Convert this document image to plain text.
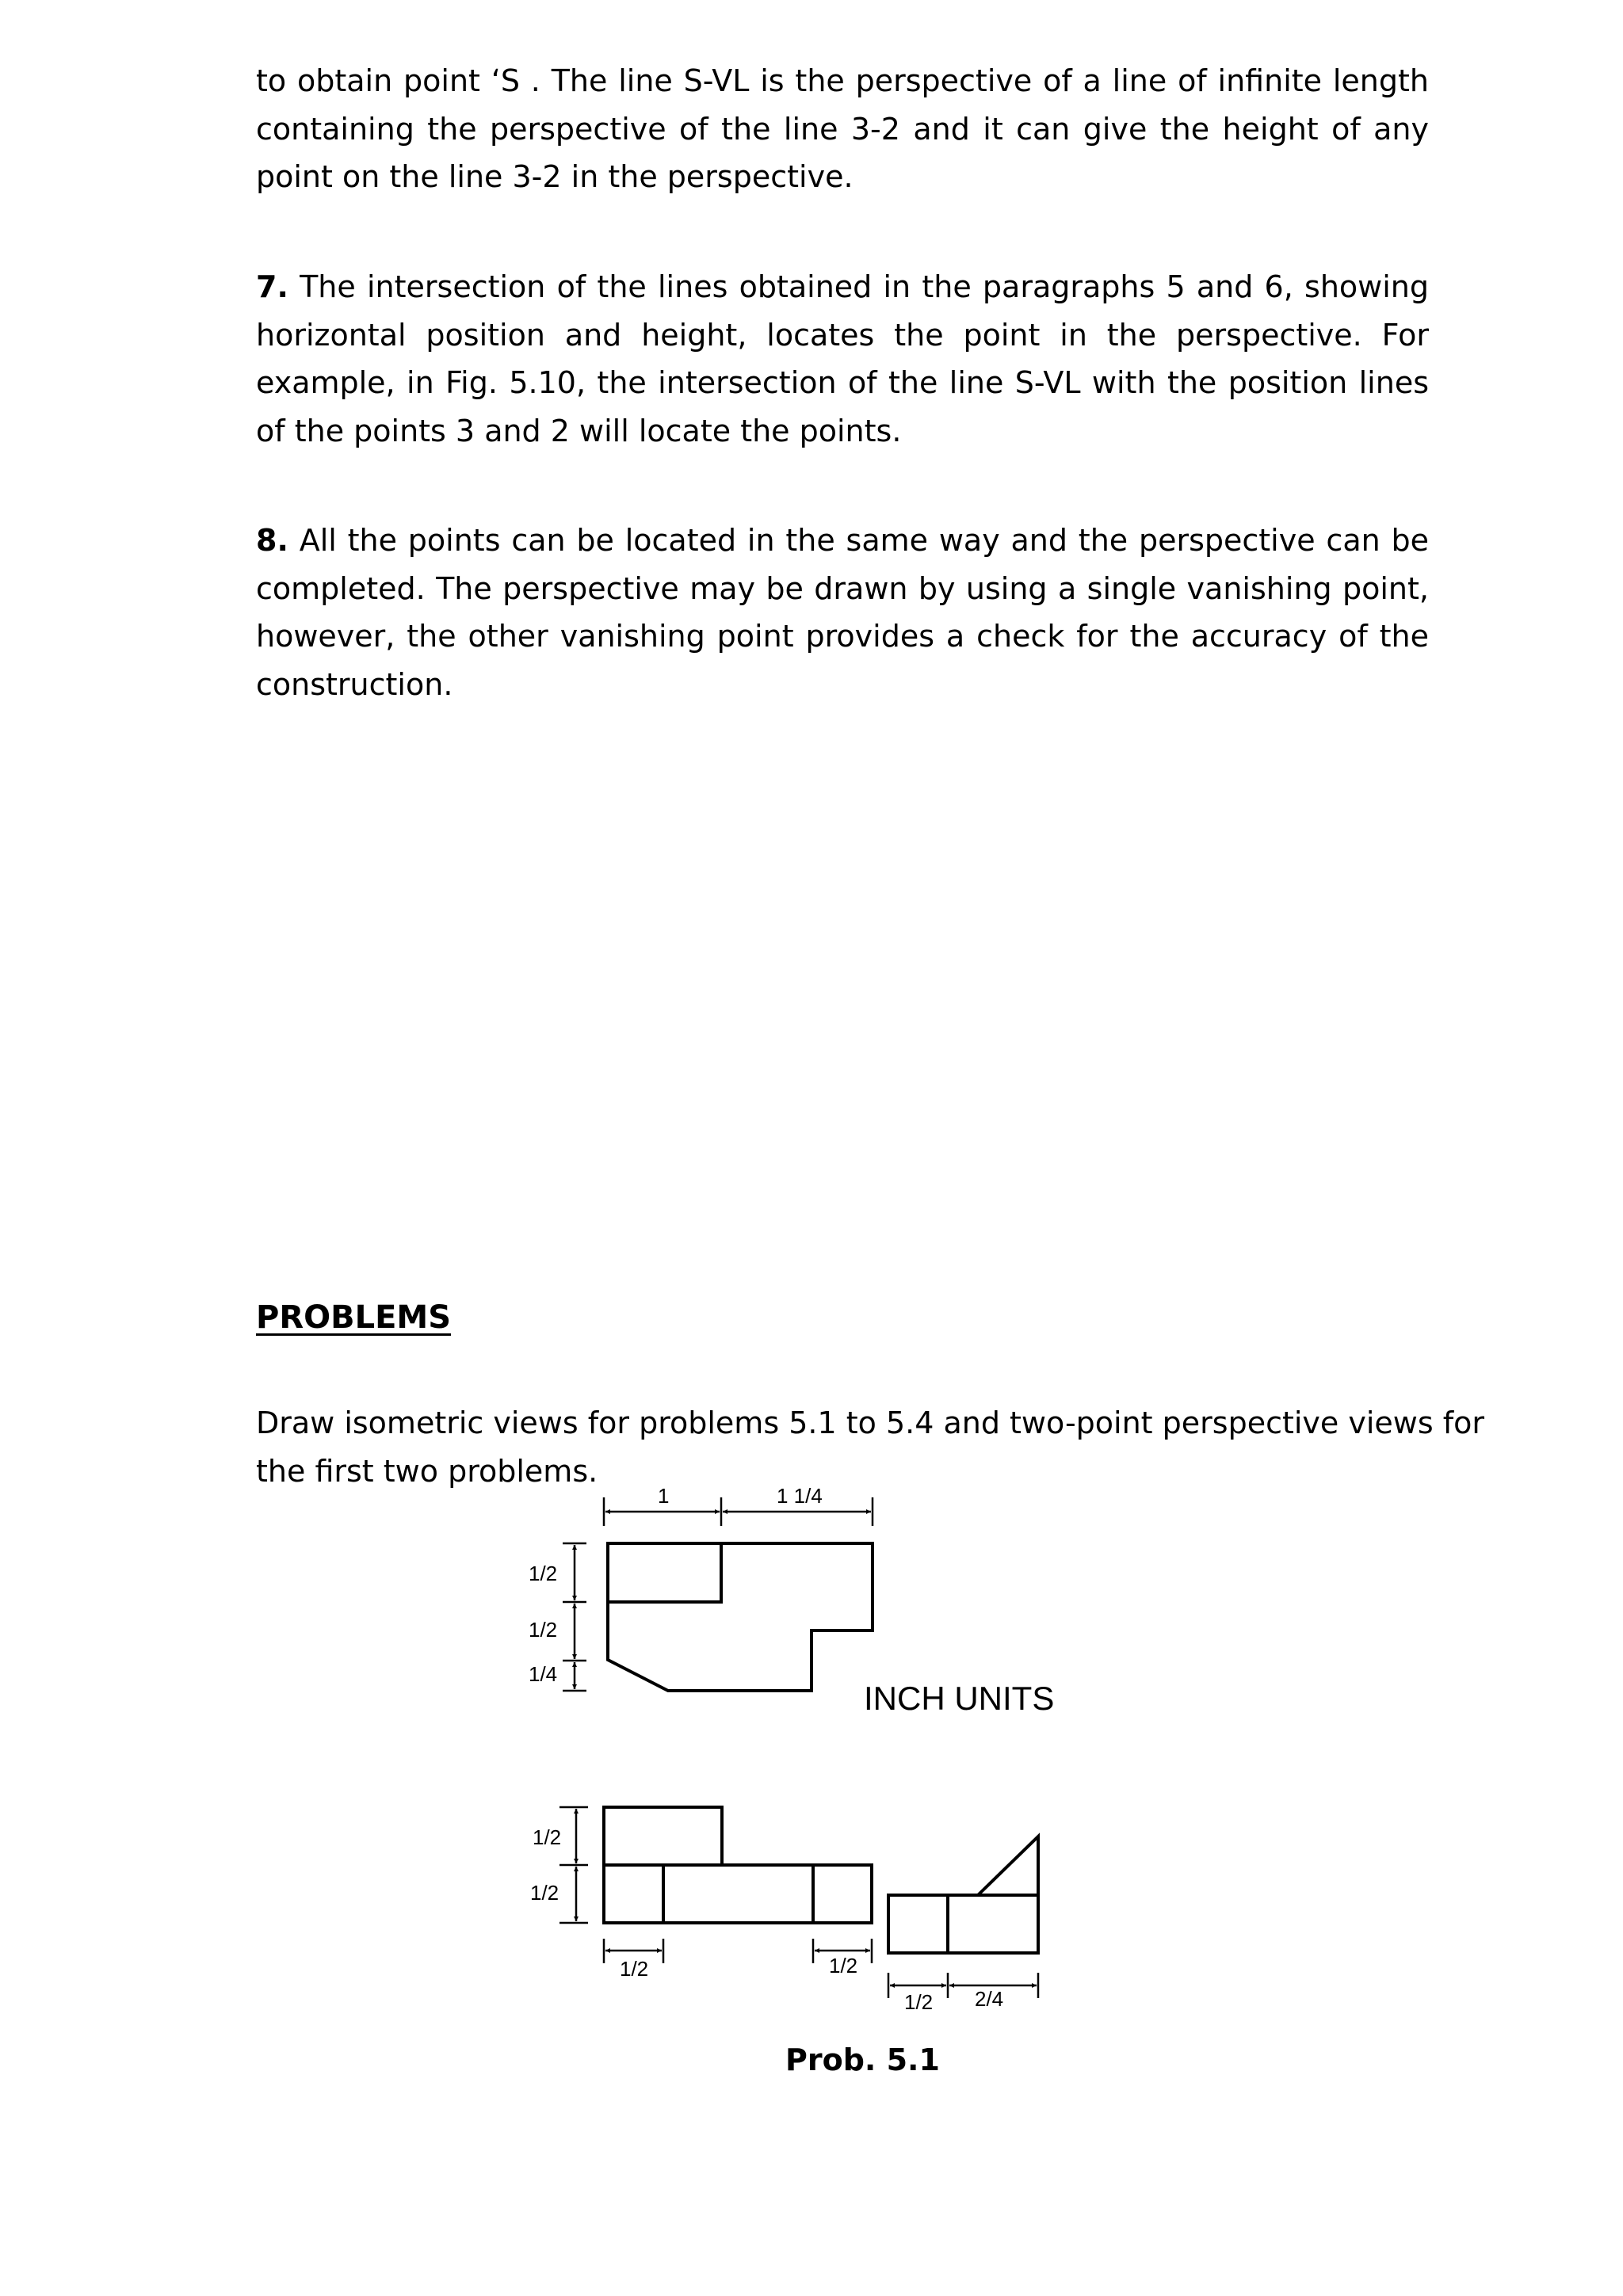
to obtain point ‘S . The line S-VL is the perspective of a line of infinite length containing the perspective of the line 3-2 and it can give the height of any point on the line 3-2 in the perspective.

7. The intersection of the lines obtained in the paragraphs 5 and 6, showing horizontal position and height, locates the point in the perspective. For example, in Fig. 5.10, the intersection of the line S-VL with the position lines of the points 3 and 2 will locate the points.

8. All the points can be located in the same way and the perspective can be completed. The perspective may be drawn by using a single vanishing point, however, the other vanishing point provides a check for the accuracy of the construction.

PROBLEMS

Draw isometric views for problems 5.1 to 5.4 and two-point perspective views for the first two problems.

1	1 1/4
1/2
1/2
1/4
INCH UNITS
1/2
1/2
1/2	1/2
1/2 2/4

Prob. 5.1
